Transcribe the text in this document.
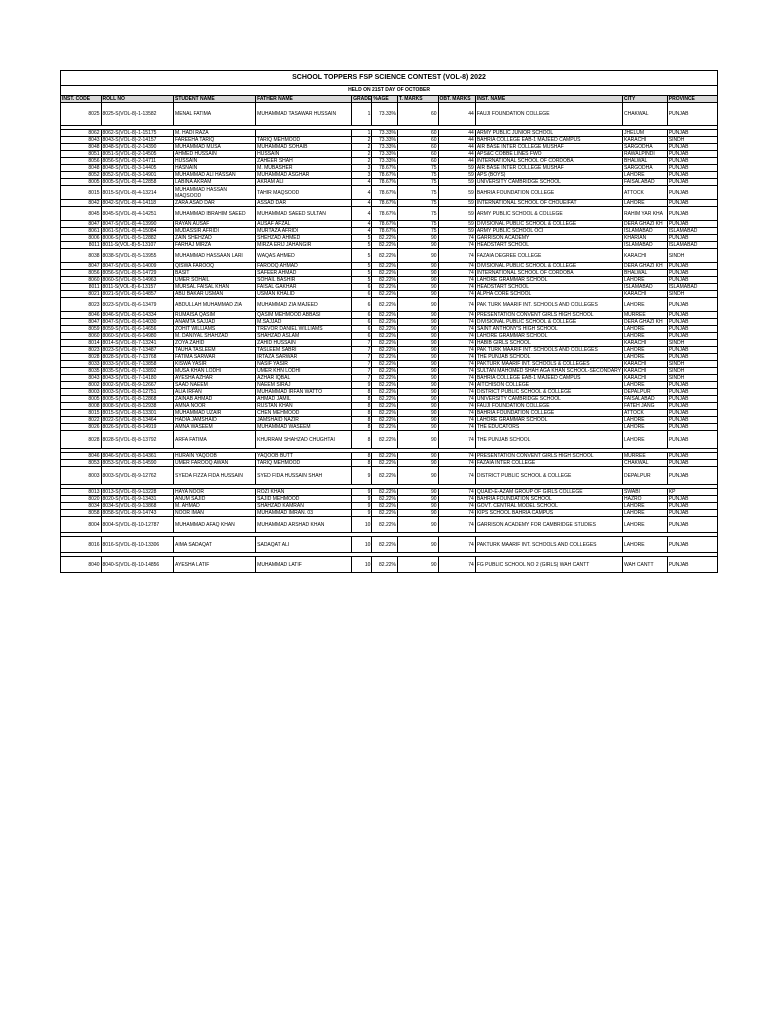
SCHOOL TOPPERS FSP SCIENCE CONTEST (VOL-8) 2022
HELD ON 21ST DAY OF OCTOBER
INST. CODE	ROLL NO	STUDENT NAME	FATHER NAME	GRADE	%AGE	T. MARKS	OBT. MARKS	INST. NAME	CITY	PROVINCE
8025	8025-S(VOL-8)-1-13582	MENAL FATIMA	MUHAMMAD TASAWAR HUSSAIN	1	73.33%	60	44	FAUJI FOUNDATION COLLEGE	CHAKWAL	PUNJAB

8062	8062-S(VOL-8)-1-15175	M. HADI RAZA		1	73.33%	60	44	ARMY PUBLIC JUNIOR SCHOOL	JHELUM	PUNJAB
8043	8043-S(VOL-8)-2-14157	FAREEHA TARIQ	TARIQ MEHMOOD	2	73.33%	60	44	BAHRIA COLLEGE EAB-1 MAJEED CAMPUS	KARACHI	SINDH
8048	8048-S(VOL-8)-2-14390	MUHAMMAD MUSA	MUHAMMAD SOHAIB	2	73.33%	60	44	AIR BASE INTER COLLEGE MUSHAF	SARGODHA	PUNJAB
8051	8051-S(VOL-8)-2-14505	AHMED HUSSAIN	HUSSAIN	2	73.33%	60	44	APS&C COBBE LINES FWO	RAWALPINDI	PUNJAB
8056	8056-S(VOL-8)-2-14711	HUSSAIN	ZAHEER SHAH	2	73.33%	60	44	INTERNATIONAL SCHOOL OF CORDOBA	BHALWAL	PUNJAB
8048	8048-S(VOL-8)-3-14405	HASNAIN	M. MUBASHER	3	78.67%	75	59	AIR BASE INTER COLLEGE MUSHAF	SARGODHA	PUNJAB
8052	8052-S(VOL-8)-3-14901	MUHAMMAD ALI HASSAN	MUHAMMAD ASGHAR	3	78.67%	75	59	APS (BOYS)	LAHORE	PUNJAB
8005	8005-S(VOL-8)-4-12858	LABINA AKRAM	AKRAM ALI	4	78.67%	75	59	UNIVERSITY CAMBRIDGE SCHOOL	FAISALABAD	PUNJAB
8015	8015-S(VOL-8)-4-13214	MUHAMMAD HASSAN MAQSOOD	TAHIR MAQSOOD	4	78.67%	75	59	BAHRIA FOUNDATION COLLEGE	ATTOCK	PUNJAB
8042	8042-S(VOL-8)-4-14118	ZARA ASAD DAR	ASSAD DAR	4	78.67%	75	59	INTERNATIONAL SCHOOL OF CHOUEIFAT	LAHORE	PUNJAB
8045	8045-S(VOL-8)-4-14251	MUHAMMAD IBRAHIM SAEED	MUHAMMAD SAEED SULTAN	4	78.67%	75	59	ARMY PUBLIC SCHOOL & COLLEGE	RAHIM YAR KHA	PUNJAB
8047	8047-S(VOL-8)-4-13990	RAYAN AUSAF	AUSAF AFZAL	4	78.67%	75	59	DIVISIONAL PUBLIC SCHOOL & COLLEGE	DERA GHAZI KH	PUNJAB
8061	8061-S(VOL-8)-4-15084	MUDASSIR AFRIDI	MURTAZA AFRIDI	4	78.67%	75	59	ARMY PUBLIC SCHOOL OCI	ISLAMABAD	ISLAMABAD
8006	8006-S(VOL-8)-5-12882	ZAIN SHEHZAD	SHEHZAD AHMED	5	82.22%	90	74	GARRISON ACADEMY	KHARIAN	PUNJAB
8011	8011-S(VOL-8)-5-13107	FARHAJ MIRZA	MIRZA ERIJ JAHANGIR	5	82.22%	90	74	HEADSTART SCHOOL	ISLAMABAD	ISLAMABAD
8038	8038-S(VOL-8)-5-13955	MUHAMMAD HASSAAN LARI	WAQAS AHMED	5	82.22%	90	74	FAZAIA DEGREE COLLEGE	KARACHI	SINDH
8047	8047-S(VOL-8)-5-14009	QISWA FAROOQ	FAROOQ AHMAD	5	82.22%	90	74	DIVISIONAL PUBLIC SCHOOL & COLLEGE	DERA GHAZI KH	PUNJAB
8056	8056-S(VOL-8)-5-14729	BASIT	SAFEER AHMAD	5	82.22%	90	74	INTERNATIONAL SCHOOL OF CORDOBA	BHALWAL	PUNJAB
8060	8060-S(VOL-8)-5-14963	UMER SOHAIL	SOHAIL BASHIR	5	82.22%	90	74	LAHORE GRAMMAR SCHOOL	LAHORE	PUNJAB
8011	8011-S(VOL-8)-6-13157	MURSAL FAISAL KHAN	FAISAL GAKHAR	6	82.22%	90	74	HEADSTART SCHOOL	ISLAMABAD	ISLAMABAD
8021	8021-S(VOL-8)-6-14857	ABU BAKAR USMAN	USMAN KHALID	6	82.22%	90	74	ALPHA CORE SCHOOL	KARACHI	SINDH
8023	8023-S(VOL-8)-6-13479	ABDULLAH MUHAMMAD ZIA	MUHAMMAD ZIA MAJEED	6	82.22%	90	74	PAK TURK MAARIF INT. SCHOOLS AND COLLEGES	LAHORE	PUNJAB
8046	8046-S(VOL-8)-6-14334	RUMAISA QASIM	QASIM MEHMOOD ABBASI	6	82.22%	90	74	PRESENTATION CONVENT GIRLS HIGH SCHOOL	MURREE	PUNJAB
8047	8047-S(VOL-8)-6-14030	ANAMTA SAJJAD	M.SAJJAD	6	82.22%	90	74	DIVISIONAL PUBLIC SCHOOL & COLLEGE	DERA GHAZI KH	PUNJAB
8059	8059-S(VOL-8)-6-14656	ZOHIT WILLIAMS	TREVOR DANIEL WILLIAMS	6	82.22%	90	74	SAINT ANTHONY'S HIGH SCHOOL	LAHORE	PUNJAB
8060	8060-S(VOL-8)-6-14980	M. DANIYAL SHAHZAD	SHAHZAD ASLAM	6	82.22%	90	74	LAHORE GRAMMAR SCHOOL	LAHORE	PUNJAB
8014	8014-S(VOL-8)-7-13241	ZOYA ZAHID	ZAHID HUSSAIN	7	82.22%	90	74	HABIB GIRLS SCHOOL	KARACHI	SINDH
8023	8023-S(VOL-8)-7-13487	TAUHA TASLEEM	TASLEEM SABRI	7	82.22%	90	74	PAK TURK MAARIF INT. SCHOOLS AND COLLEGES	LAHORE	PUNJAB
8028	8028-S(VOL-8)-7-13768	FATIMA SARWAR	IRTAZA SARWAR	7	82.22%	90	74	THE PUNJAB SCHOOL	LAHORE	PUNJAB
8033	8033-S(VOL-8)-7-13858	KISWA YASIR	NASIF YASIR	7	82.22%	90	74	PAKTURK MAARIF INT. SCHOOLS & COLLEGES	KARACHI	SINDH
8035	8035-S(VOL-8)-7-13892	MUSA KHAN LODHI	UMER KHN LODHI	7	82.22%	90	74	SULTAN MAHOMED SHAH AGA KHAN SCHOOL-SECONDARY	KARACHI	SINDH
8043	8043-S(VOL-8)-7-14180	AYESHA AZHAR	AZHAR IQBAL	7	82.22%	90	74	BAHRIA COLLEGE EAB-1 MAJEED CAMPUS	KARACHI	SINDH
8002	8002-S(VOL-8)-9-12667	SAAD NAEEM	NAEEM SIRAJ	9	82.22%	90	74	AITCHISON COLLEGE	LAHORE	PUNJAB
8003	8003-S(VOL-8)-8-12751	ALIA IRFAN	MUHAMMAD IRFAN WATTO	8	82.22%	90	74	DISTRICT PUBLIC SCHOOL & COLLEGE	DEPALPUR	PUNJAB
8005	8005-S(VOL-8)-8-12868	ZAINAB AHMAD	AHMAD JAMIL	8	82.22%	90	74	UNIVERSITY CAMBRIDGE SCHOOL	FAISALABAD	PUNJAB
8008	8008-S(VOL-8)-8-12938	AMNA NOOR	RUSTAN KHAN	8	82.22%	90	74	FAUJI FOUNDATION COLLEGE	FATEH JANG	PUNJAB
8015	8015-S(VOL-8)-8-13301	MUHAMMAD UZAIR	CHEN MEHMOOD	8	82.22%	90	74	BAHRIA FOUNDATION COLLEGE	ATTOCK	PUNJAB
8022	8022-S(VOL-8)-8-13464	HADIA JAMSHAID	JAMSHAID NAZIR	8	82.22%	90	74	LAHORE GRAMMAR SCHOOL	LAHORE	PUNJAB
8026	8026-S(VOL-8)-8-14919	AMNA WASEEM	MUHAMMAD WASEEM	8	82.22%	90	74	THE EDUCATORS	LAHORE	PUNJAB
8028	8028-S(VOL-8)-8-13792	ARFA FATIMA	KHURRAM SHAHZAD CHUGHTAI	8	82.22%	90	74	THE PUNJAB SCHOOL	LAHORE	PUNJAB

8046	8046-S(VOL-8)-8-14361	HURAIN YAQOOB	YAQOOB BUTT	8	82.22%	90	74	PRESENTATION CONVENT GIRLS HIGH SCHOOL	MURREE	PUNJAB
8053	8053-S(VOL-8)-8-14590	UMER FAROOQ AWAN	TARIQ MEHMOOD	8	82.22%	90	74	FAZAIA INTER COLLEGE	CHAKWAL	PUNJAB
8003	8003-S(VOL-8)-9-12762	SYEDA FIZZA FIDA HUSSAIN	SYED FIDA HUSSAIN SHAH	9	82.22%	90	74	DISTRICT PUBLIC SCHOOL & COLLEGE	DEPALPUR	PUNJAB

8013	8013-S(VOL-8)-9-13228	HAYA NOOR	ROZI KHAN	9	82.22%	90	74	QUAID-E-AZAM GROUP OF GIRLS COLLEGE	SWABI	KP
8020	8020-S(VOL-8)-9-13431	ANUM SAJID	SAJID MEHMOOD	9	82.22%	90	74	BAHRIA FOUNDATION SCHOOL	HAZRO	PUNJAB
8034	8034-S(VOL-8)-9-13868	M. AHMAD	SHAHZAD KAMRAN	9	82.22%	90	74	GOVT. CENTRAL MODEL SCHOOL	LAHORE	PUNJAB
8058	8058-S(VOL-8)-9-14743	NOOR IMAN	MUHAMMAD IMRAN. 03	9	82.22%	90	74	KIPS SCHOOL BAHRIA CAMPUS	LAHORE	PUNJAB
8004	8004-S(VOL-8)-10-12787	MUHAMMAD AFAQ KHAN	MUHAMMAD ARSHAD KHAN	10	82.22%	90	74	GARRISON ACADEMY FOR CAMBRIDGE STUDIES	LAHORE	PUNJAB

8016	8016-S(VOL-8)-10-13306	AIMA SADAQAT	SADAQAT ALI	10	82.22%	90	74	PAKTURK MAARIF INT. SCHOOLS AND COLLEGES	LAHORE	PUNJAB

8040	8040-S(VOL-8)-10-14856	AYESHA LATIF	MUHAMMAD LATIF	10	82.22%	90	74	FG PUBLIC SCHOOL NO 2 (GIRLS) WAH CANTT	WAH CANTT	PUNJAB
